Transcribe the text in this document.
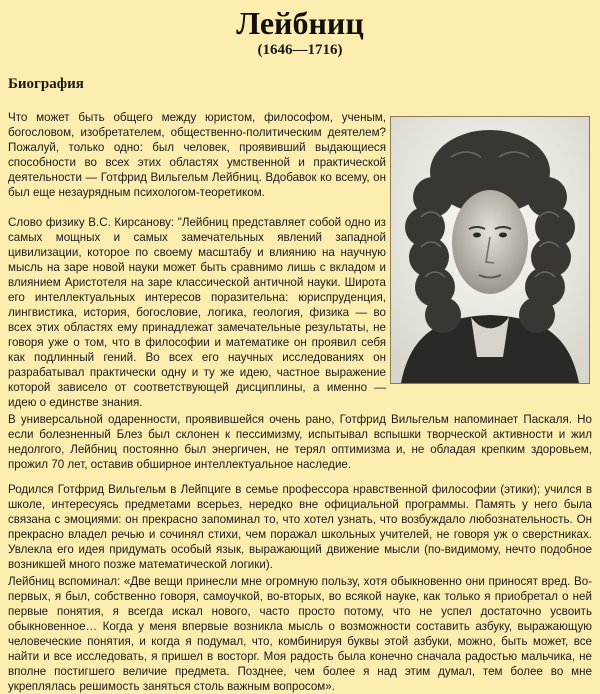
Лейбниц
(1646—1716)
Биография

Что может быть общего между юристом, философом, ученым, богословом, изобретателем, общественно-политическим деятелем? Пожалуй, только одно: был человек, проявивший выдающиеся способности во всех этих областях умственной и практической деятельности — Готфрид Вильгельм Лейбниц. Вдобавок ко всему, он был еще незаурядным психологом-теоретиком.

Слово физику В.С. Кирсанову: "Лейбниц представляет собой одно из самых мощных и самых замечательных явлений западной цивилизации, которое по своему масштабу и влиянию на научную мысль на заре новой науки может быть сравнимо лишь с вкладом и влиянием Аристотеля на заре классической античной науки. Широта его интеллектуальных интересов поразительна: юриспруденция, лингвистика, история, богословие, логика, геология, физика — во всех этих областях ему принадлежат замечательные результаты, не говоря уже о том, что в философии и математике он проявил себя как подлинный гений. Во всех его научных исследованиях он разрабатывал практически одну и ту же идею, частное выражение которой зависело от соответствующей дисциплины, а именно — идею о единстве знания.

В универсальной одаренности, проявившейся очень рано, Готфрид Вильгельм напоминает Паскаля. Но если болезненный Блез был склонен к пессимизму, испытывал вспышки творческой активности и жил недолгого, Лейбниц постоянно был энергичен, не терял оптимизма и, не обладая крепким здоровьем, прожил 70 лет, оставив обширное интеллектуальное наследие.

Родился Готфрид Вильгельм в Лейпциге в семье профессора нравственной философии (этики); учился в школе, интересуясь предметами всерьез, нередко вне официальной программы. Память у него была связана с эмоциями: он прекрасно запоминал то, что хотел узнать, что возбуждало любознательность. Он прекрасно владел речью и сочинял стихи, чем поражал школьных учителей, не говоря уж о сверстниках. Увлекла его идея придумать особый язык, выражающий движение мысли (по-видимому, нечто подобное возникшей много позже математической логики).

Лейбниц вспоминал: «Две вещи принесли мне огромную пользу, хотя обыкновенно они приносят вред. Во-первых, я был, собственно говоря, самоучкой, во-вторых, во всякой науке, как только я приобретал о ней первые понятия, я всегда искал нового, часто просто потому, что не успел достаточно усвоить обыкновенное… Когда у меня впервые возникла мысль о возможности составить азбуку, выражающую человеческие понятия, и когда я подумал, что, комбинируя буквы этой азбуки, можно, быть может, все найти и все исследовать, я пришел в восторг. Моя радость была конечно сначала радостью мальчика, не вполне постигшего величие предмета. Позднее, чем более я над этим думал, тем более во мне укреплялась решимость заняться столь важным вопросом».
